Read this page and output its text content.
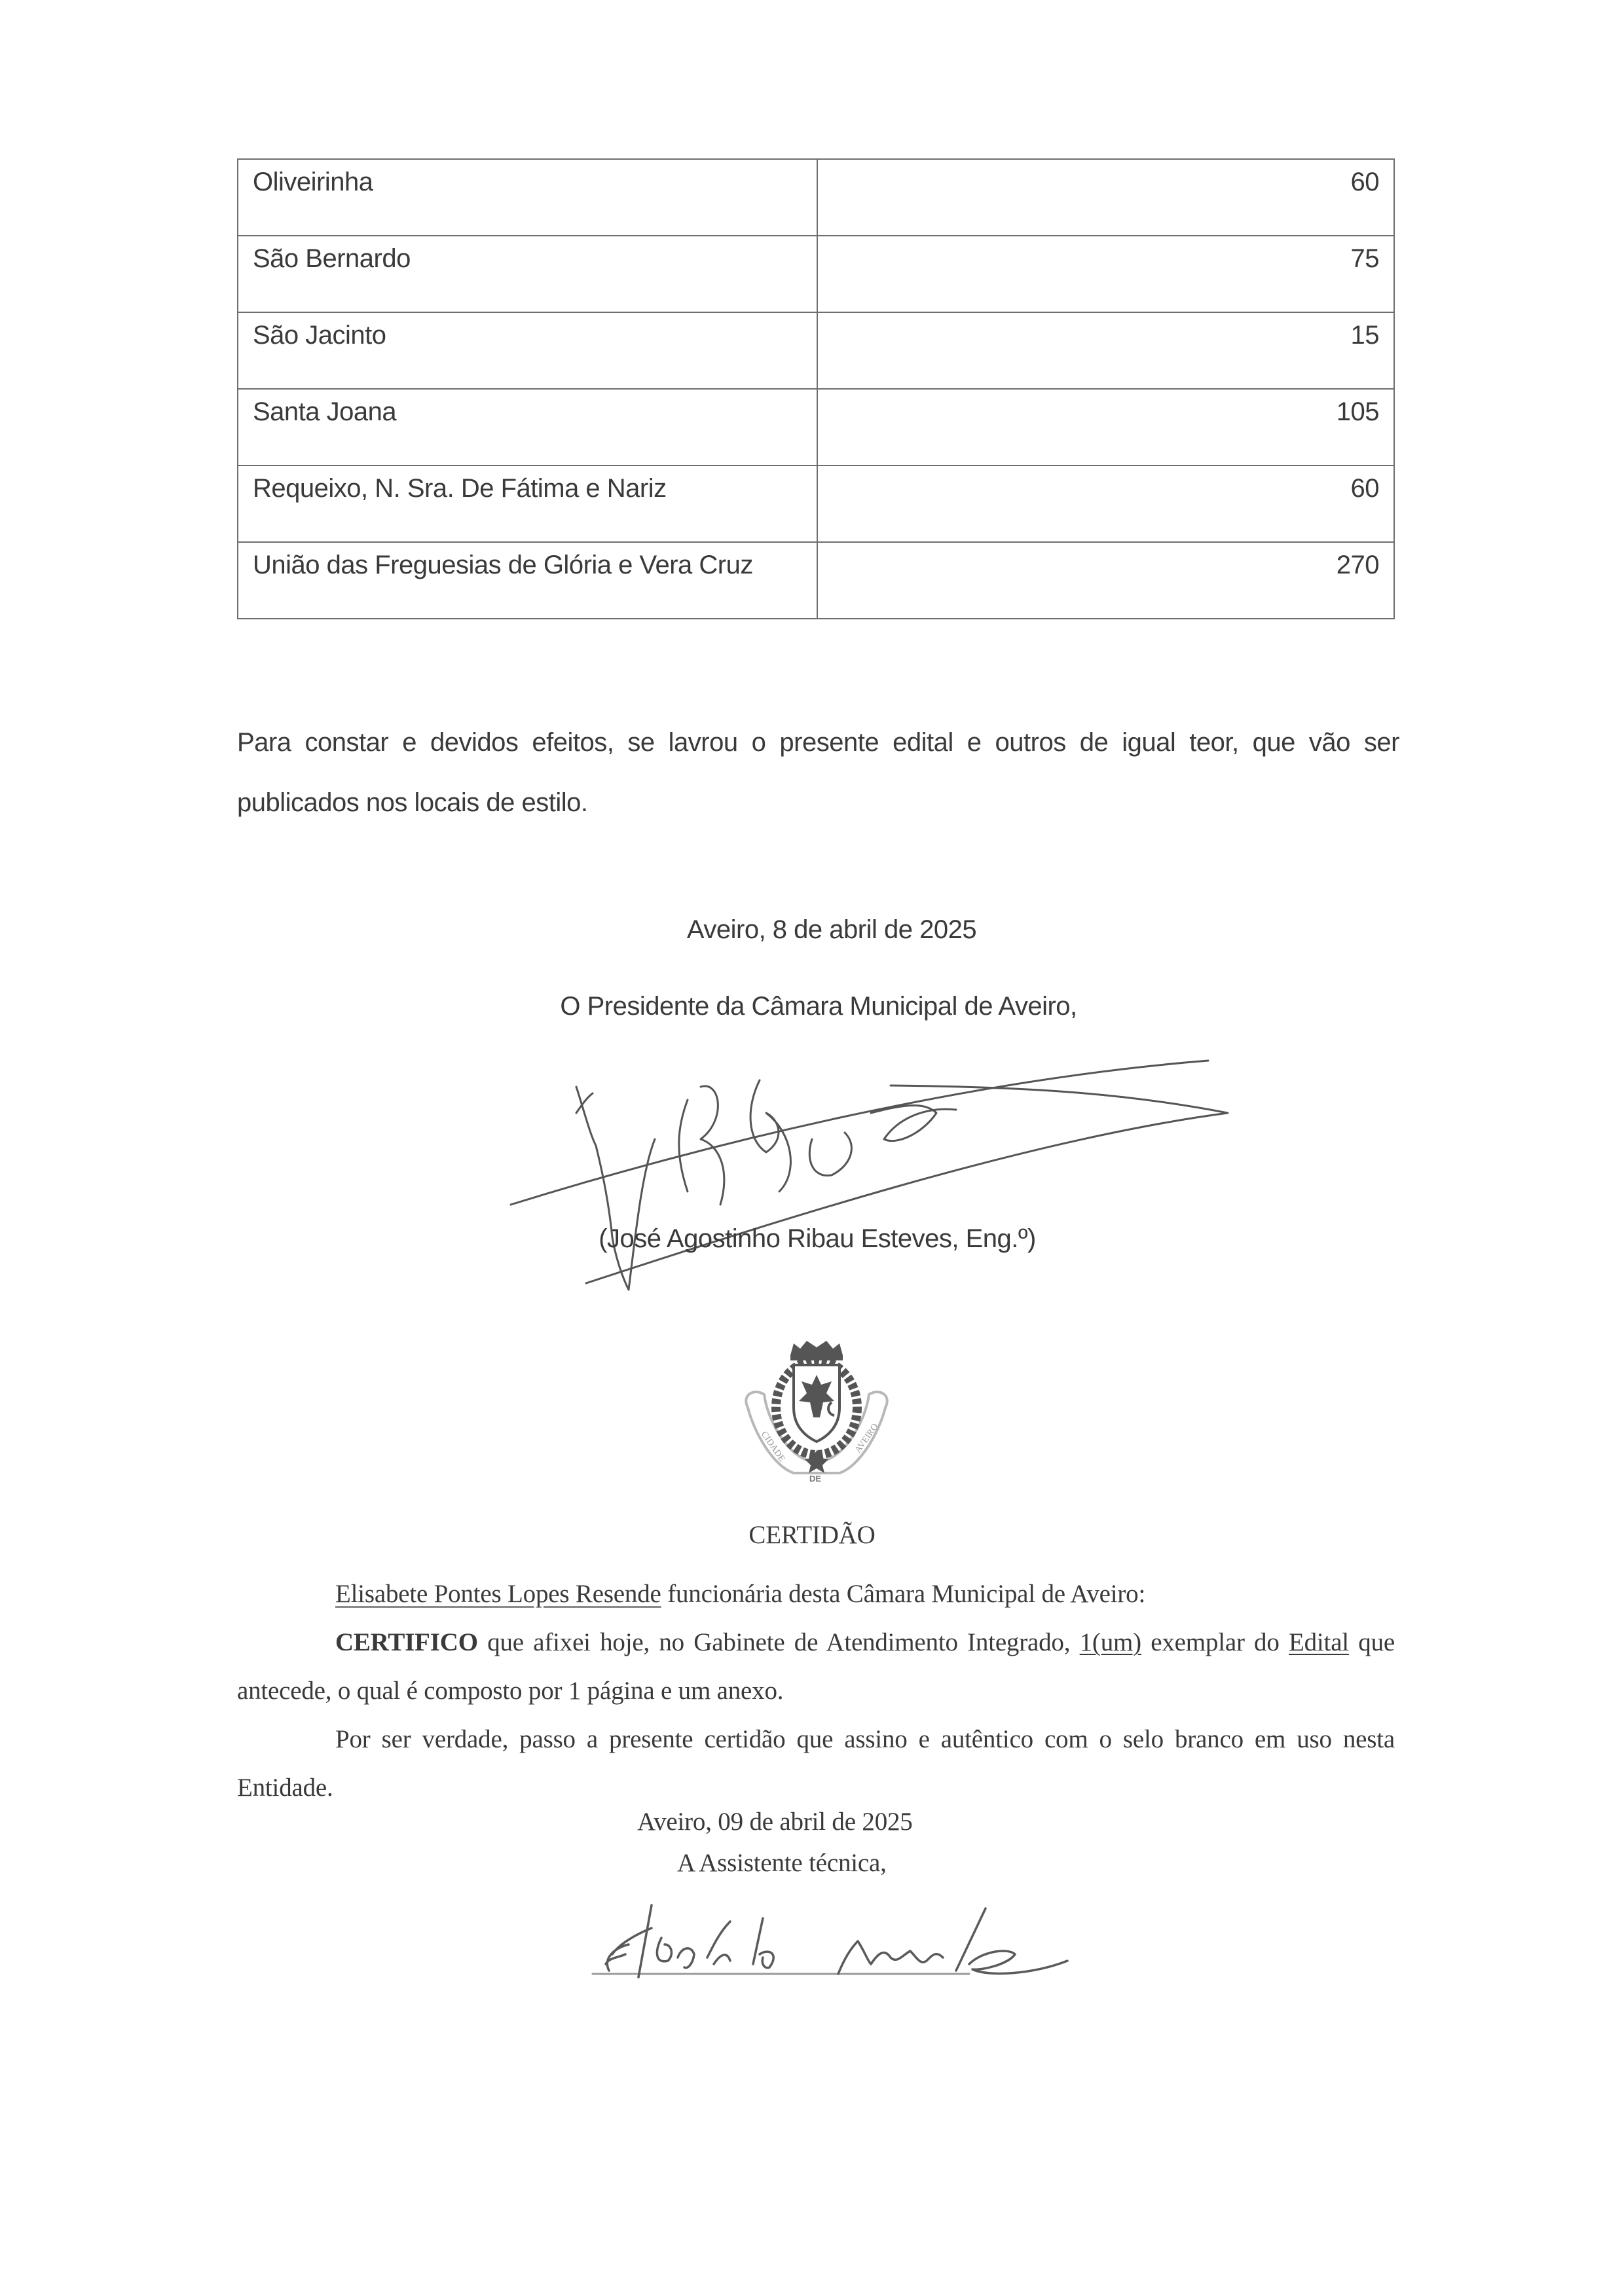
Oliveirinha	60
São Bernardo	75
São Jacinto	15
Santa Joana	105
Requeixo, N. Sra. De Fátima e Nariz	60
União das Freguesias de Glória e Vera Cruz	270
Para constar e devidos efeitos, se lavrou o presente edital e outros de igual teor, que vão ser publicados nos locais de estilo.
Aveiro, 8 de abril de 2025
O Presidente da Câmara Municipal de Aveiro,
(José Agostinho Ribau Esteves, Eng.º)
CIDADE	AVEIRO
DE
CERTIDÃO

Elisabete Pontes Lopes Resende funcionária desta Câmara Municipal de Aveiro:

CERTIFICO que afixei hoje, no Gabinete de Atendimento Integrado, 1(um) exemplar do Edital que antecede, o qual é composto por 1 página e um anexo.

Por ser verdade, passo a presente certidão que assino e autêntico com o selo branco em uso nesta Entidade.

Aveiro, 09 de abril de 2025
A Assistente técnica,
